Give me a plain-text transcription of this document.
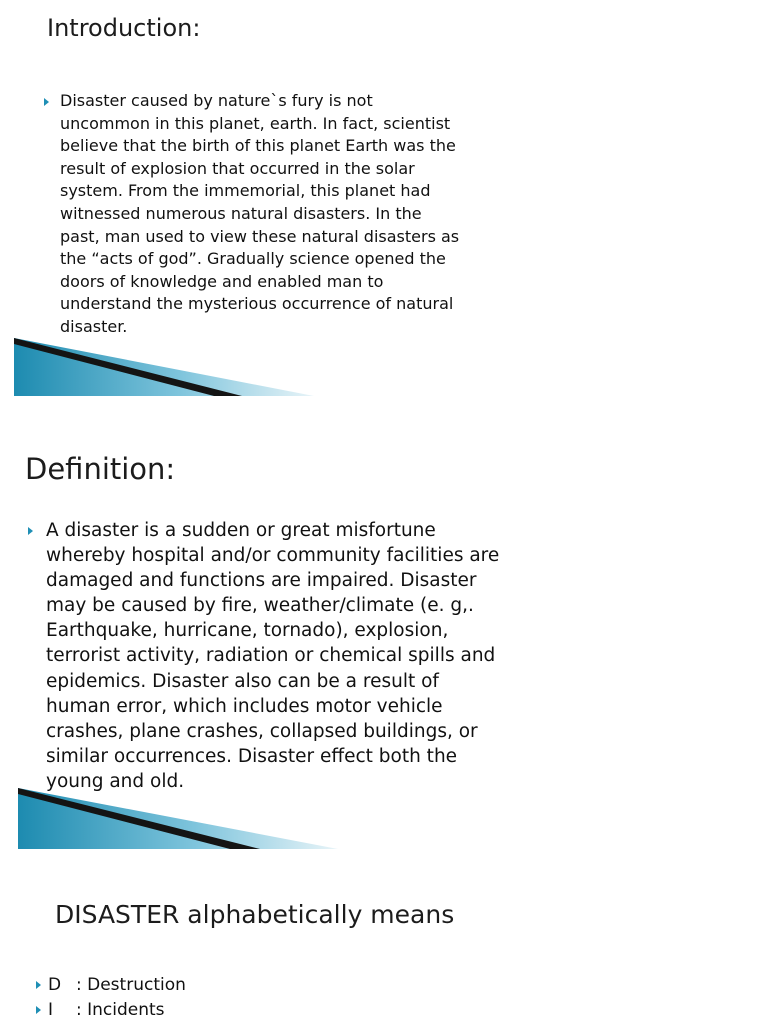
Introduction:
Disaster caused by nature`s fury is not
uncommon in this planet, earth. In fact, scientist
believe that the birth of this planet Earth was the
result of explosion that occurred in the solar
system. From the immemorial, this planet had
witnessed numerous natural disasters. In the
past, man used to view these natural disasters as
the “acts of god”. Gradually science opened the
doors of knowledge and enabled man to
understand the mysterious occurrence of natural
disaster.
Definition:
A disaster is a sudden or great misfortune
whereby hospital and/or community facilities are
damaged and functions are impaired. Disaster
may be caused by fire, weather/climate (e. g,.
Earthquake, hurricane, tornado), explosion,
terrorist activity, radiation or chemical spills and
epidemics. Disaster also can be a result of
human error, which includes motor vehicle
crashes, plane crashes, collapsed buildings, or
similar occurrences. Disaster effect both the
young and old.
DISASTER alphabetically means
D : Destruction
I : Incidents
